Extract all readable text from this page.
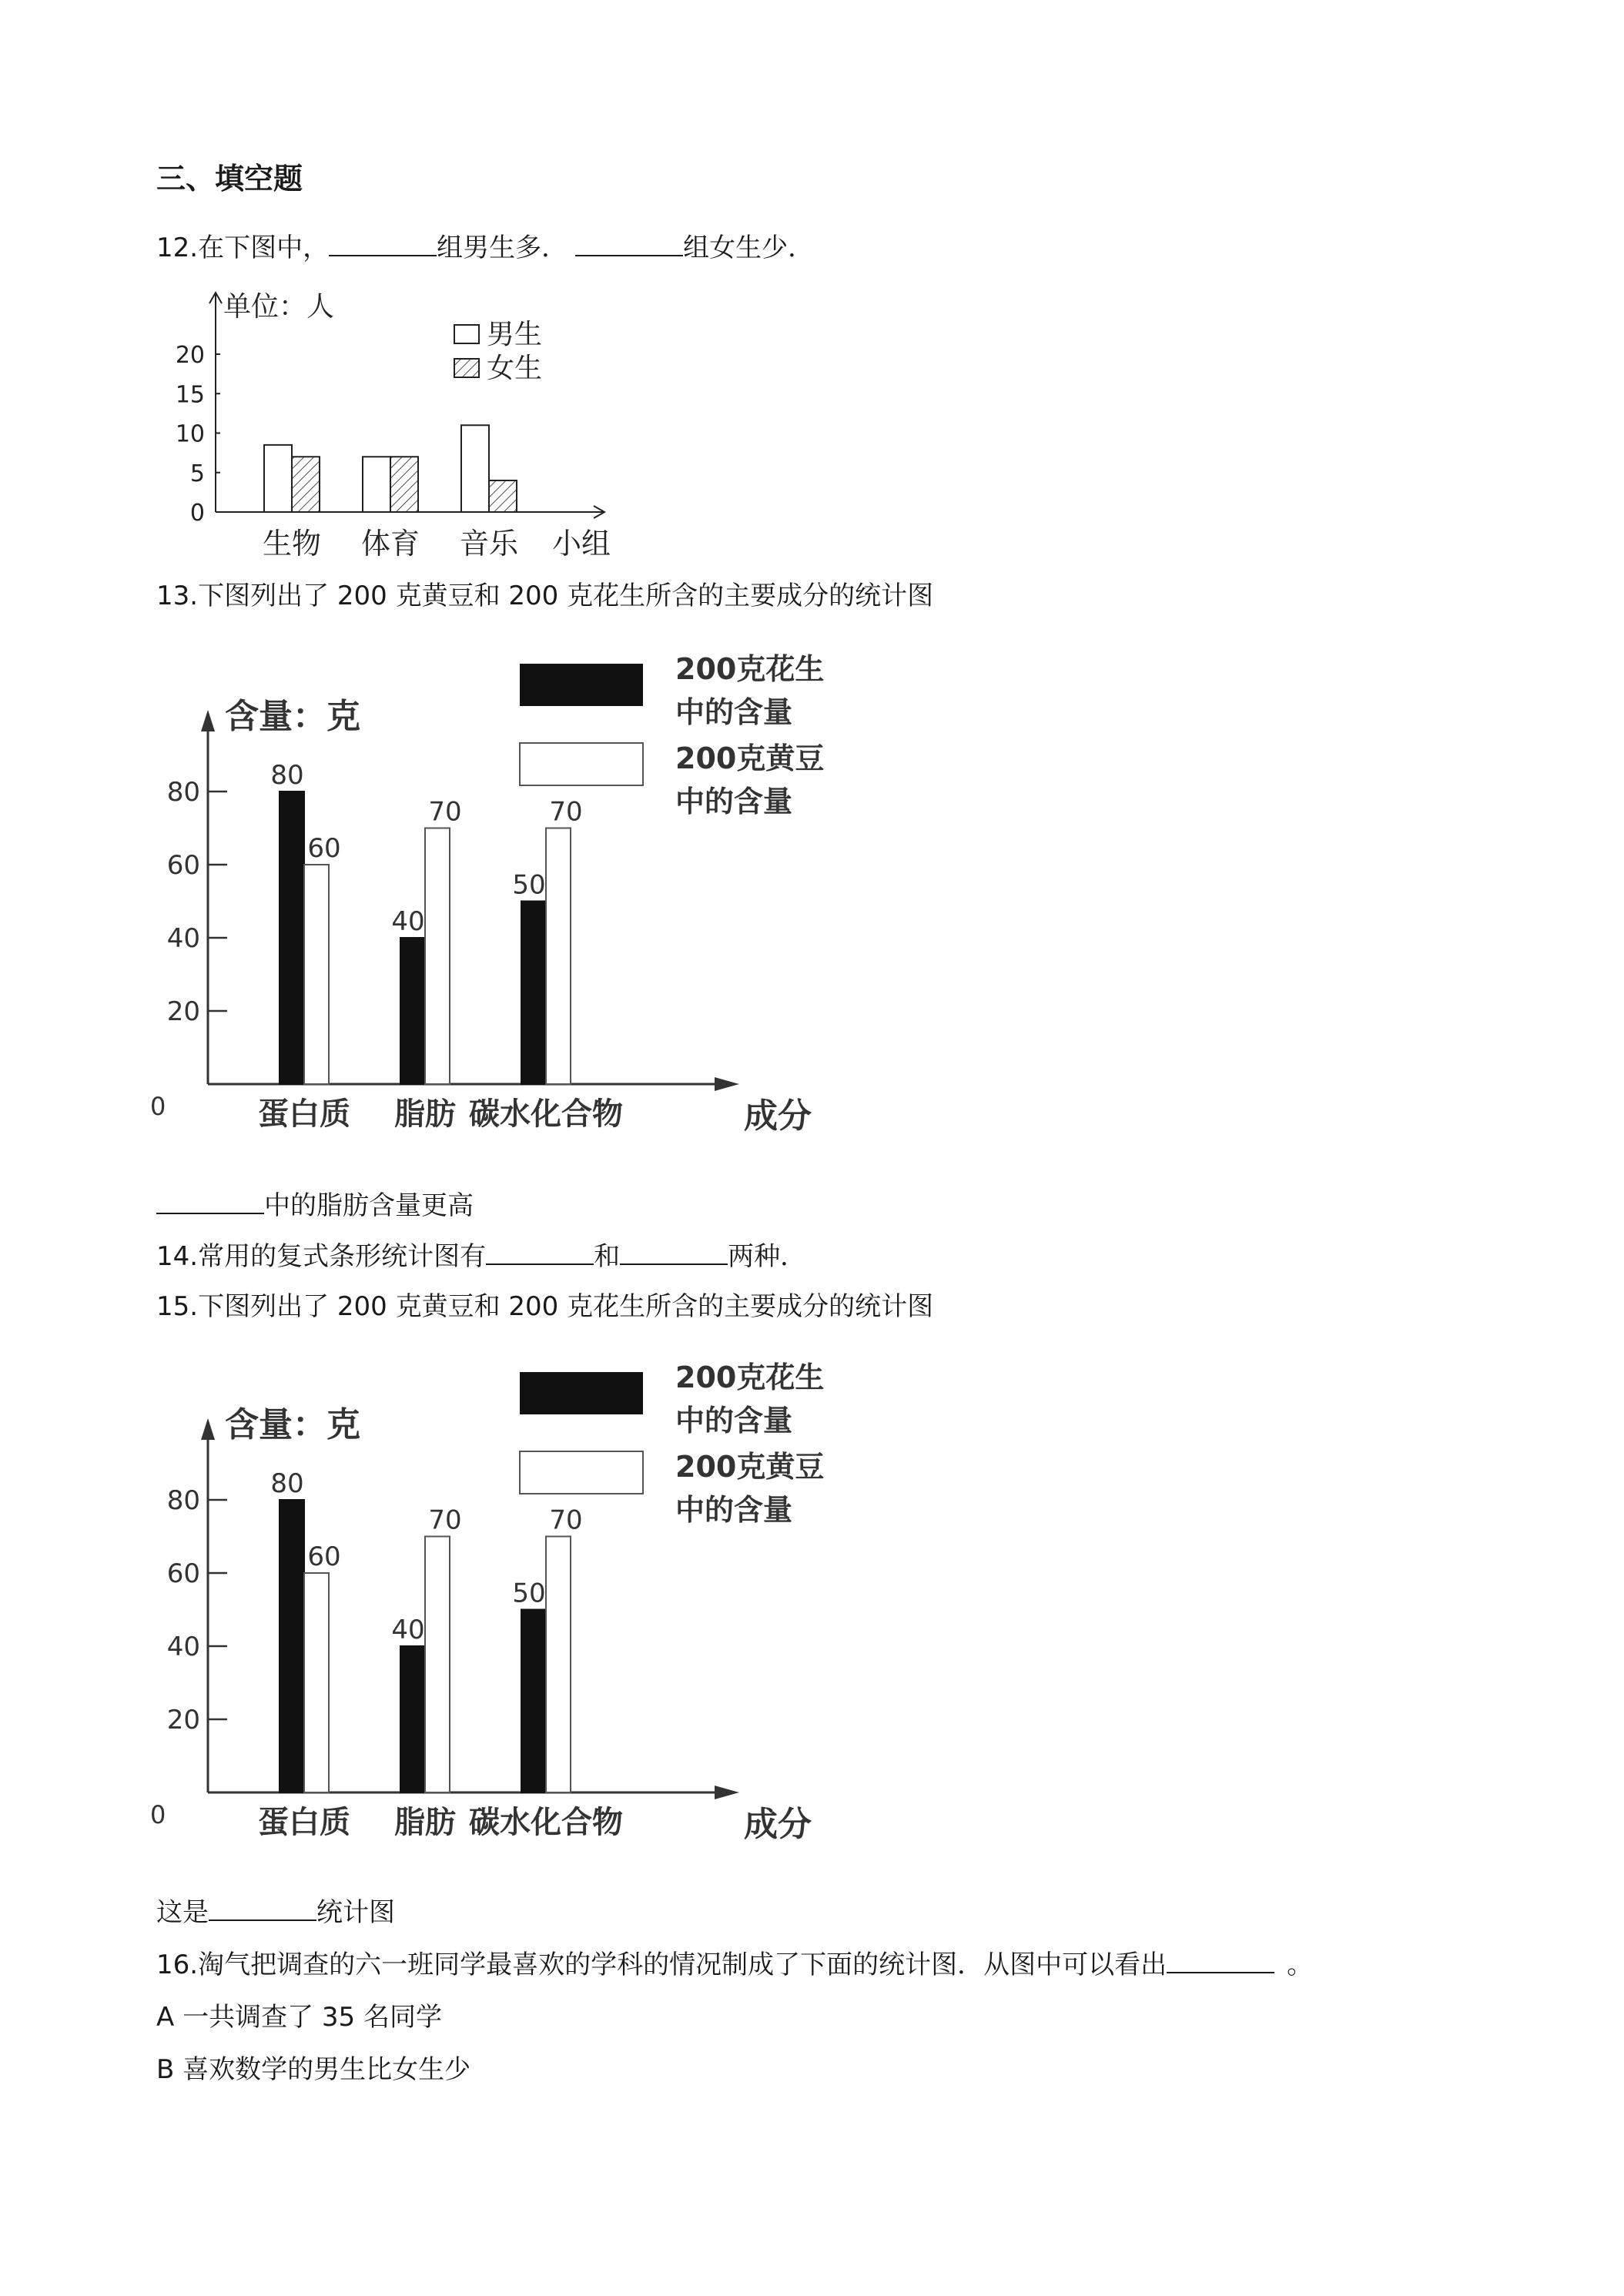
三、填空题
12.在下图中，	组男生多．	组女生少．
0
5
10
15
20
单位：人
男生
女生
生物 体育 音乐 小组
13.下图列出了 200 克黄豆和 200 克花生所含的主要成分的统计图
含量：克
0
20
40
60
80
200克花生
中的含量
200克黄豆
中的含量
80
60
蛋白质
40
70
脂肪
50
70
碳水化合物	成分
中的脂肪含量更高
14.常用的复式条形统计图有	和	两种．
15.下图列出了 200 克黄豆和 200 克花生所含的主要成分的统计图
含量：克
0
20
40
60
80
200克花生
中的含量
200克黄豆
中的含量
80
60
蛋白质
40
70
脂肪
50
70
碳水化合物	成分
这是	统计图
16.淘气把调查的六一班同学最喜欢的学科的情况制成了下面的统计图．从图中可以看出	。
A 一共调查了 35 名同学
B 喜欢数学的男生比女生少
